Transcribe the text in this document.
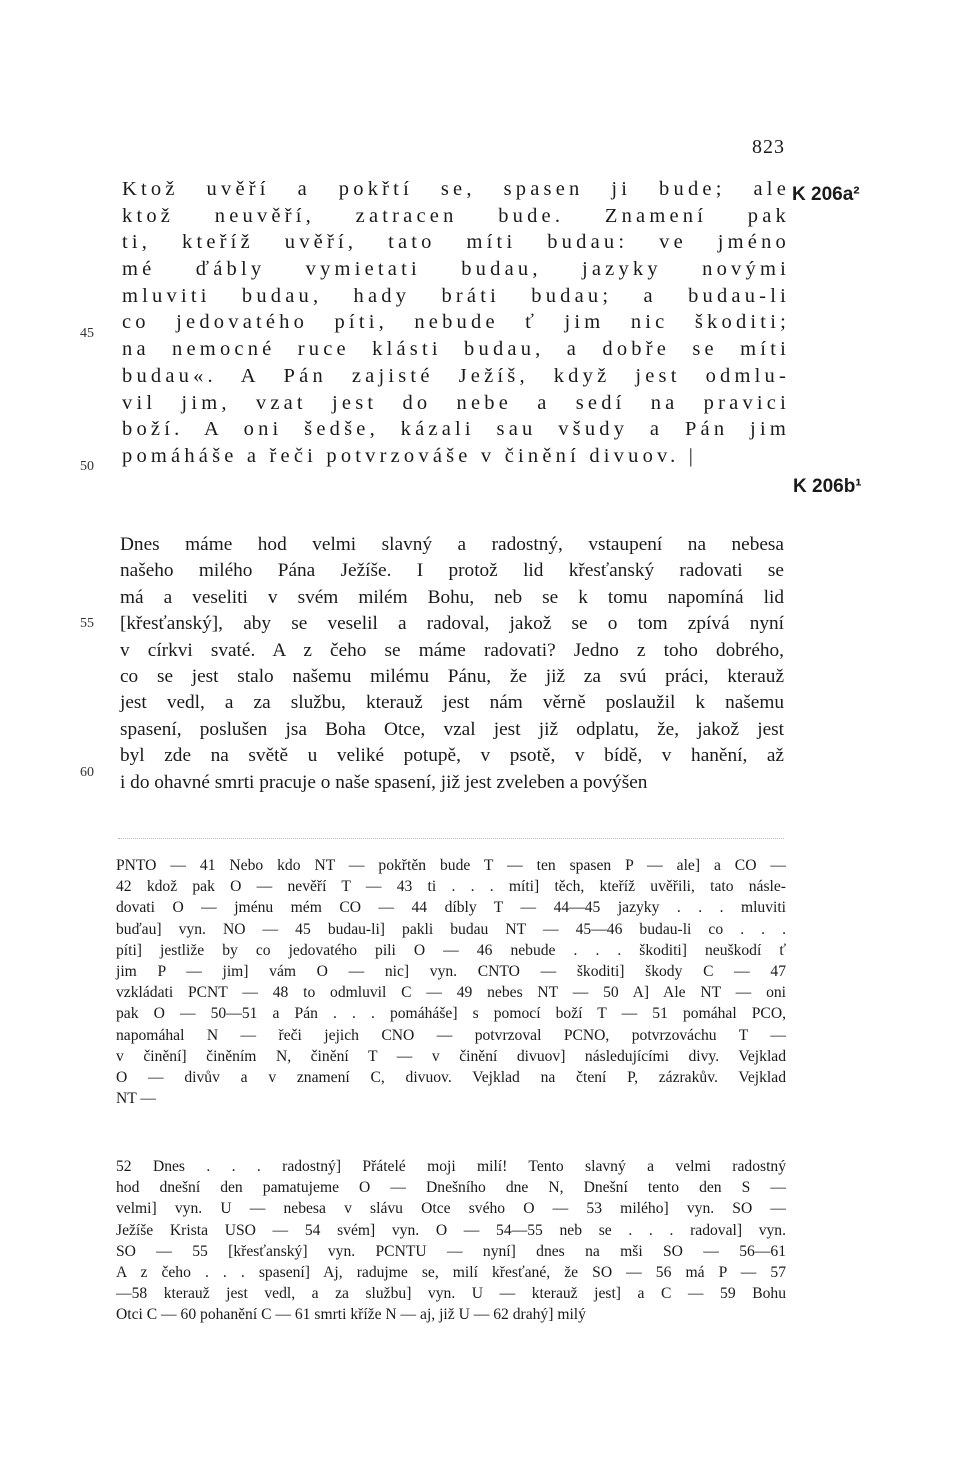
823
Ktož uvěří a pokřtí se, spasen ji bude; ale
ktož neuvěří, zatracen bude. Znamení pak
ti, kteříž uvěří, tato míti budau: ve jméno
mé ďábly vymietati budau, jazyky novými
mluviti budau, hady bráti budau; a budau-li
co jedovatého píti, nebude ť jim nic škoditi;
na nemocné ruce klásti budau, a dobře se míti
budau«. A Pán zajisté Ježíš, když jest odmlu-
vil jim, vzat jest do nebe a sedí na pravici
boží. A oni šedše, kázali sau všudy a Pán jim
pomáháše a řeči potvrzováše v činění divuov. |
K 206a²
K 206b¹
45
50
55
60
Dnes máme hod velmi slavný a radostný, vstaupení na nebesa
našeho milého Pána Ježíše. I protož lid křesťanský radovati se
má a veseliti v svém milém Bohu, neb se k tomu napomíná lid
[křesťanský], aby se veselil a radoval, jakož se o tom zpívá nyní
v církvi svaté. A z čeho se máme radovati? Jedno z toho dobrého,
co se jest stalo našemu milému Pánu, že již za svú práci, kterauž
jest vedl, a za službu, kterauž jest nám věrně poslaužil k našemu
spasení, poslušen jsa Boha Otce, vzal jest již odplatu, že, jakož jest
byl zde na světě u veliké potupě, v psotě, v bídě, v hanění, až
i do ohavné smrti pracuje o naše spasení, již jest zveleben a povýšen
PNTO — 41 Nebo kdo NT — pokřtěn bude T — ten spasen P — ale] a CO —
42 kdož pak O — nevěří T — 43 ti . . . míti] těch, kteříž uvěřili, tato násle-
dovati O — jménu mém CO — 44 díbly T — 44—45 jazyky . . . mluviti
buďau] vyn. NO — 45 budau-li] pakli budau NT — 45—46 budau-li co . . .
píti] jestliže by co jedovatého pili O — 46 nebude . . . škoditi] neuškodí ť
jim P — jim] vám O — nic] vyn. CNTO — škoditi] škody C — 47
vzkládati PCNT — 48 to odmluvil C — 49 nebes NT — 50 A] Ale NT — oni
pak O — 50—51 a Pán . . . pomáháše] s pomocí boží T — 51 pomáhal PCO,
napomáhal N — řeči jejich CNO — potvrzoval PCNO, potvrzováchu T —
v činění] činěním N, činění T — v činění divuov] následujícími divy. Vejklad
O — divův a v znamení C, divuov. Vejklad na čtení P, zázrakův. Vejklad
NT —
52 Dnes . . . radostný] Přátelé moji milí! Tento slavný a velmi radostný
hod dnešní den pamatujeme O — Dnešního dne N, Dnešní tento den S —
velmi] vyn. U — nebesa v slávu Otce svého O — 53 milého] vyn. SO —
Ježíše Krista USO — 54 svém] vyn. O — 54—55 neb se . . . radoval] vyn.
SO — 55 [křesťanský] vyn. PCNTU — nyní] dnes na mši SO — 56—61
A z čeho . . . spasení] Aj, radujme se, milí křesťané, že SO — 56 má P — 57
—58 kterauž jest vedl, a za službu] vyn. U — kterauž jest] a C — 59 Bohu
Otci C — 60 pohanění C — 61 smrti kříže N — aj, již U — 62 drahý] milý
